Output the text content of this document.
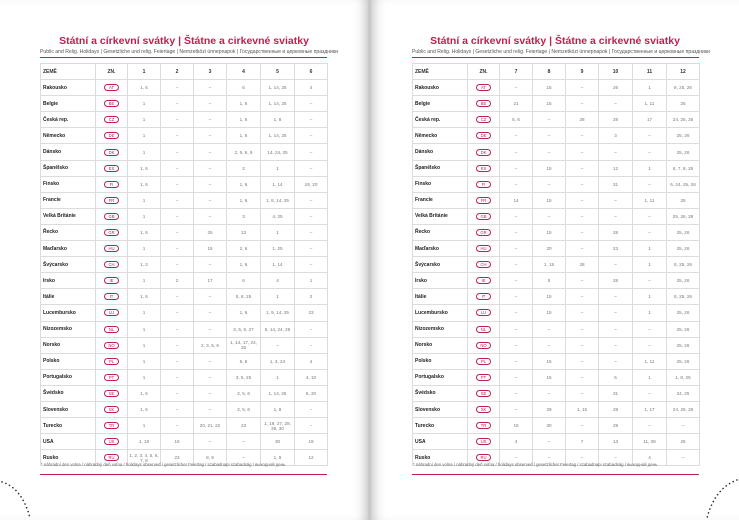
Státní a církevní svátky | Štátne a cirkevné sviatky
Public and Relig. Holidays | Gesetzliche und relig. Feiertage | Nemzetközi ünnepnapok | Государственные и церковные праздники
ZEMĚ	ZN.	1	2	3	4	5	6
Rakousko	AT	1, 6	–	–	6	1, 14, 25	4
Belgie	BE	1	–	–	1, 6	1, 14, 25	–
Česká rep.	CZ	1	–	–	1, 6	1, 8	–
Německo	DE	1	–	–	1, 6	1, 14, 25	–
Dánsko	DK	1	–	–	2, 5, 6, 9	14, 24, 25	–
Španělsko	ES	1, 6	–	–	2	1	–
Finsko	FI	1, 6	–	–	1, 6	1, 14	19, 20
Francie	FR	1	–	–	1, 6	1, 8, 14, 25	–
Velká Británie	GB	1	–	–	3	4, 25	–
Řecko	GR	1, 6	–	25	13	1	–
Maďarsko	HU	1	–	15	2, 6	1, 25	–
Švýcarsko	CH	1, 2	–	–	1, 6	1, 14	–
Irsko	IE	1	2	17	6	4	1
Itálie	IT	1, 6	–	–	5, 6, 25	1	2
Lucembursko	LU	1	–	–	1, 6	1, 9, 14, 25	23
Nizozemsko	NL	1	–	–	3, 5, 6, 27	5, 14, 24, 25	–
Norsko	NO	1	–	2, 3, 5, 6	1, 14, 17, 24, 25	–	–
Polsko	PL	1	–	–	5, 6	1, 3, 24	4
Portugalsko	PT	1	–	–	3, 5, 25	1	4, 10
Švédsko	SE	1, 6	–	–	3, 5, 6	1, 14, 25	6, 20
Slovensko	SK	1, 6	–	–	3, 5, 6	1, 8	–
Turecko	TR	1	–	20, 21, 22	23	1, 19, 27, 28, 29, 30	–
USA	US	1, 18	16	–	–	30	19
Rusko	RU	1, 2, 3, 4, 5, 6, 7, 8	23	8, 9	–	1, 9	12
* náhradní den volna / náhradný deň voľna / holidays observed / gesetzlicher Feiertag / szabadnapi szabadság / выходной день
Státní a církevní svátky | Štátne a cirkevné sviatky
Public and Relig. Holidays | Gesetzliche und relig. Feiertage | Nemzetközi ünnepnapok | Государственные и церковные праздники
ZEMĚ	ZN.	7	8	9	10	11	12
Rakousko	AT	–	15	–	26	1	8, 25, 26
Belgie	BE	21	15	–	–	1, 11	25
Česká rep.	CZ	5, 6	–	28	28	17	24, 25, 26
Německo	DE	–	–	–	3	–	25, 26
Dánsko	DK	–	–	–	–	–	25, 26
Španělsko	ES	–	15	–	12	1	6, 7, 8, 25
Finsko	FI	–	–	–	31	–	6, 24, 25, 26
Francie	FR	14	15	–	–	1, 11	25
Velká Británie	GB	–	–	–	–	–	25, 26, 28
Řecko	GR	–	15	–	28	–	25, 26
Maďarsko	HU	–	20	–	23	1	25, 26
Švýcarsko	CH	–	1, 15	28	–	1	8, 25, 26
Irsko	IE	–	5	–	28	–	25, 26
Itálie	IT	–	15	–	–	1	8, 25, 26
Lucembursko	LU	–	15	–	–	1	25, 26
Nizozemsko	NL	–	–	–	–	–	25, 26
Norsko	NO	–	–	–	–	–	25, 26
Polsko	PL	–	15	–	–	1, 11	25, 26
Portugalsko	PT	–	15	–	5	1	1, 8, 25
Švédsko	SE	–	–	–	31	–	24, 25
Slovensko	SK	–	29	1, 15	28	1, 17	24, 25, 26
Turecko	TR	15	30	–	29	–	–
USA	US	4	–	7	13	11, 28	25
Rusko	RU	–	–	–	–	4	–
* náhradní den volna / náhradný deň voľna / holidays observed / gesetzlicher Feiertag / szabadnapi szabadság / выходной день
